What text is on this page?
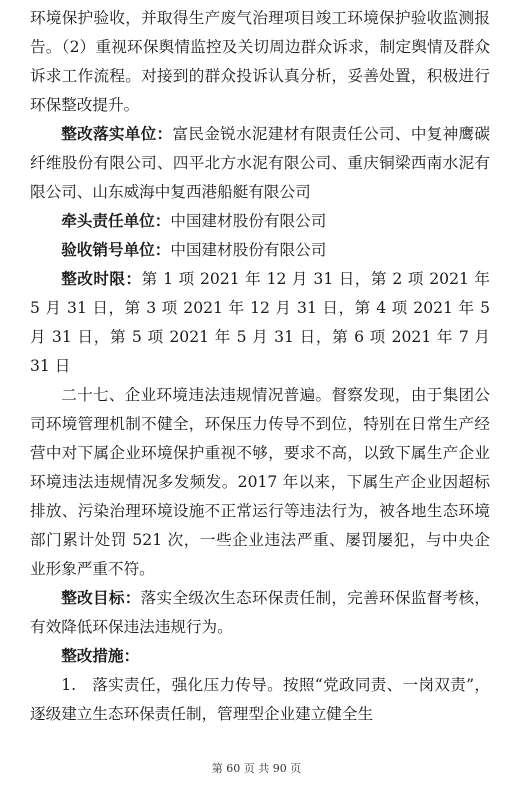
环境保护验收，并取得生产废气治理项目竣工环境保护验收监测报告。（2）重视环保舆情监控及关切周边群众诉求，制定舆情及群众诉求工作流程。对接到的群众投诉认真分析，妥善处置，积极进行环保整改提升。

整改落实单位：富民金锐水泥建材有限责任公司、中复神鹰碳纤维股份有限公司、四平北方水泥有限公司、重庆铜梁西南水泥有限公司、山东威海中复西港船艇有限公司

牵头责任单位：中国建材股份有限公司

验收销号单位：中国建材股份有限公司

整改时限：第 1 项 2021 年 12 月 31 日，第 2 项 2021 年 5 月 31 日，第 3 项 2021 年 12 月 31 日，第 4 项 2021 年 5 月 31 日，第 5 项 2021 年 5 月 31 日，第 6 项 2021 年 7 月 31 日

二十七、企业环境违法违规情况普遍。督察发现，由于集团公司环境管理机制不健全，环保压力传导不到位，特别在日常生产经营中对下属企业环境保护重视不够，要求不高，以致下属生产企业环境违法违规情况多发频发。2017 年以来，下属生产企业因超标排放、污染治理环境设施不正常运行等违法行为，被各地生态环境部门累计处罚 521 次，一些企业违法严重、屡罚屡犯，与中央企业形象严重不符。

整改目标：落实全级次生态环保责任制，完善环保监督考核，有效降低环保违法违规行为。

整改措施：

1.　落实责任，强化压力传导。按照“党政同责、一岗双责”，逐级建立生态环保责任制，管理型企业建立健全生

第 60 页 共 90 页
